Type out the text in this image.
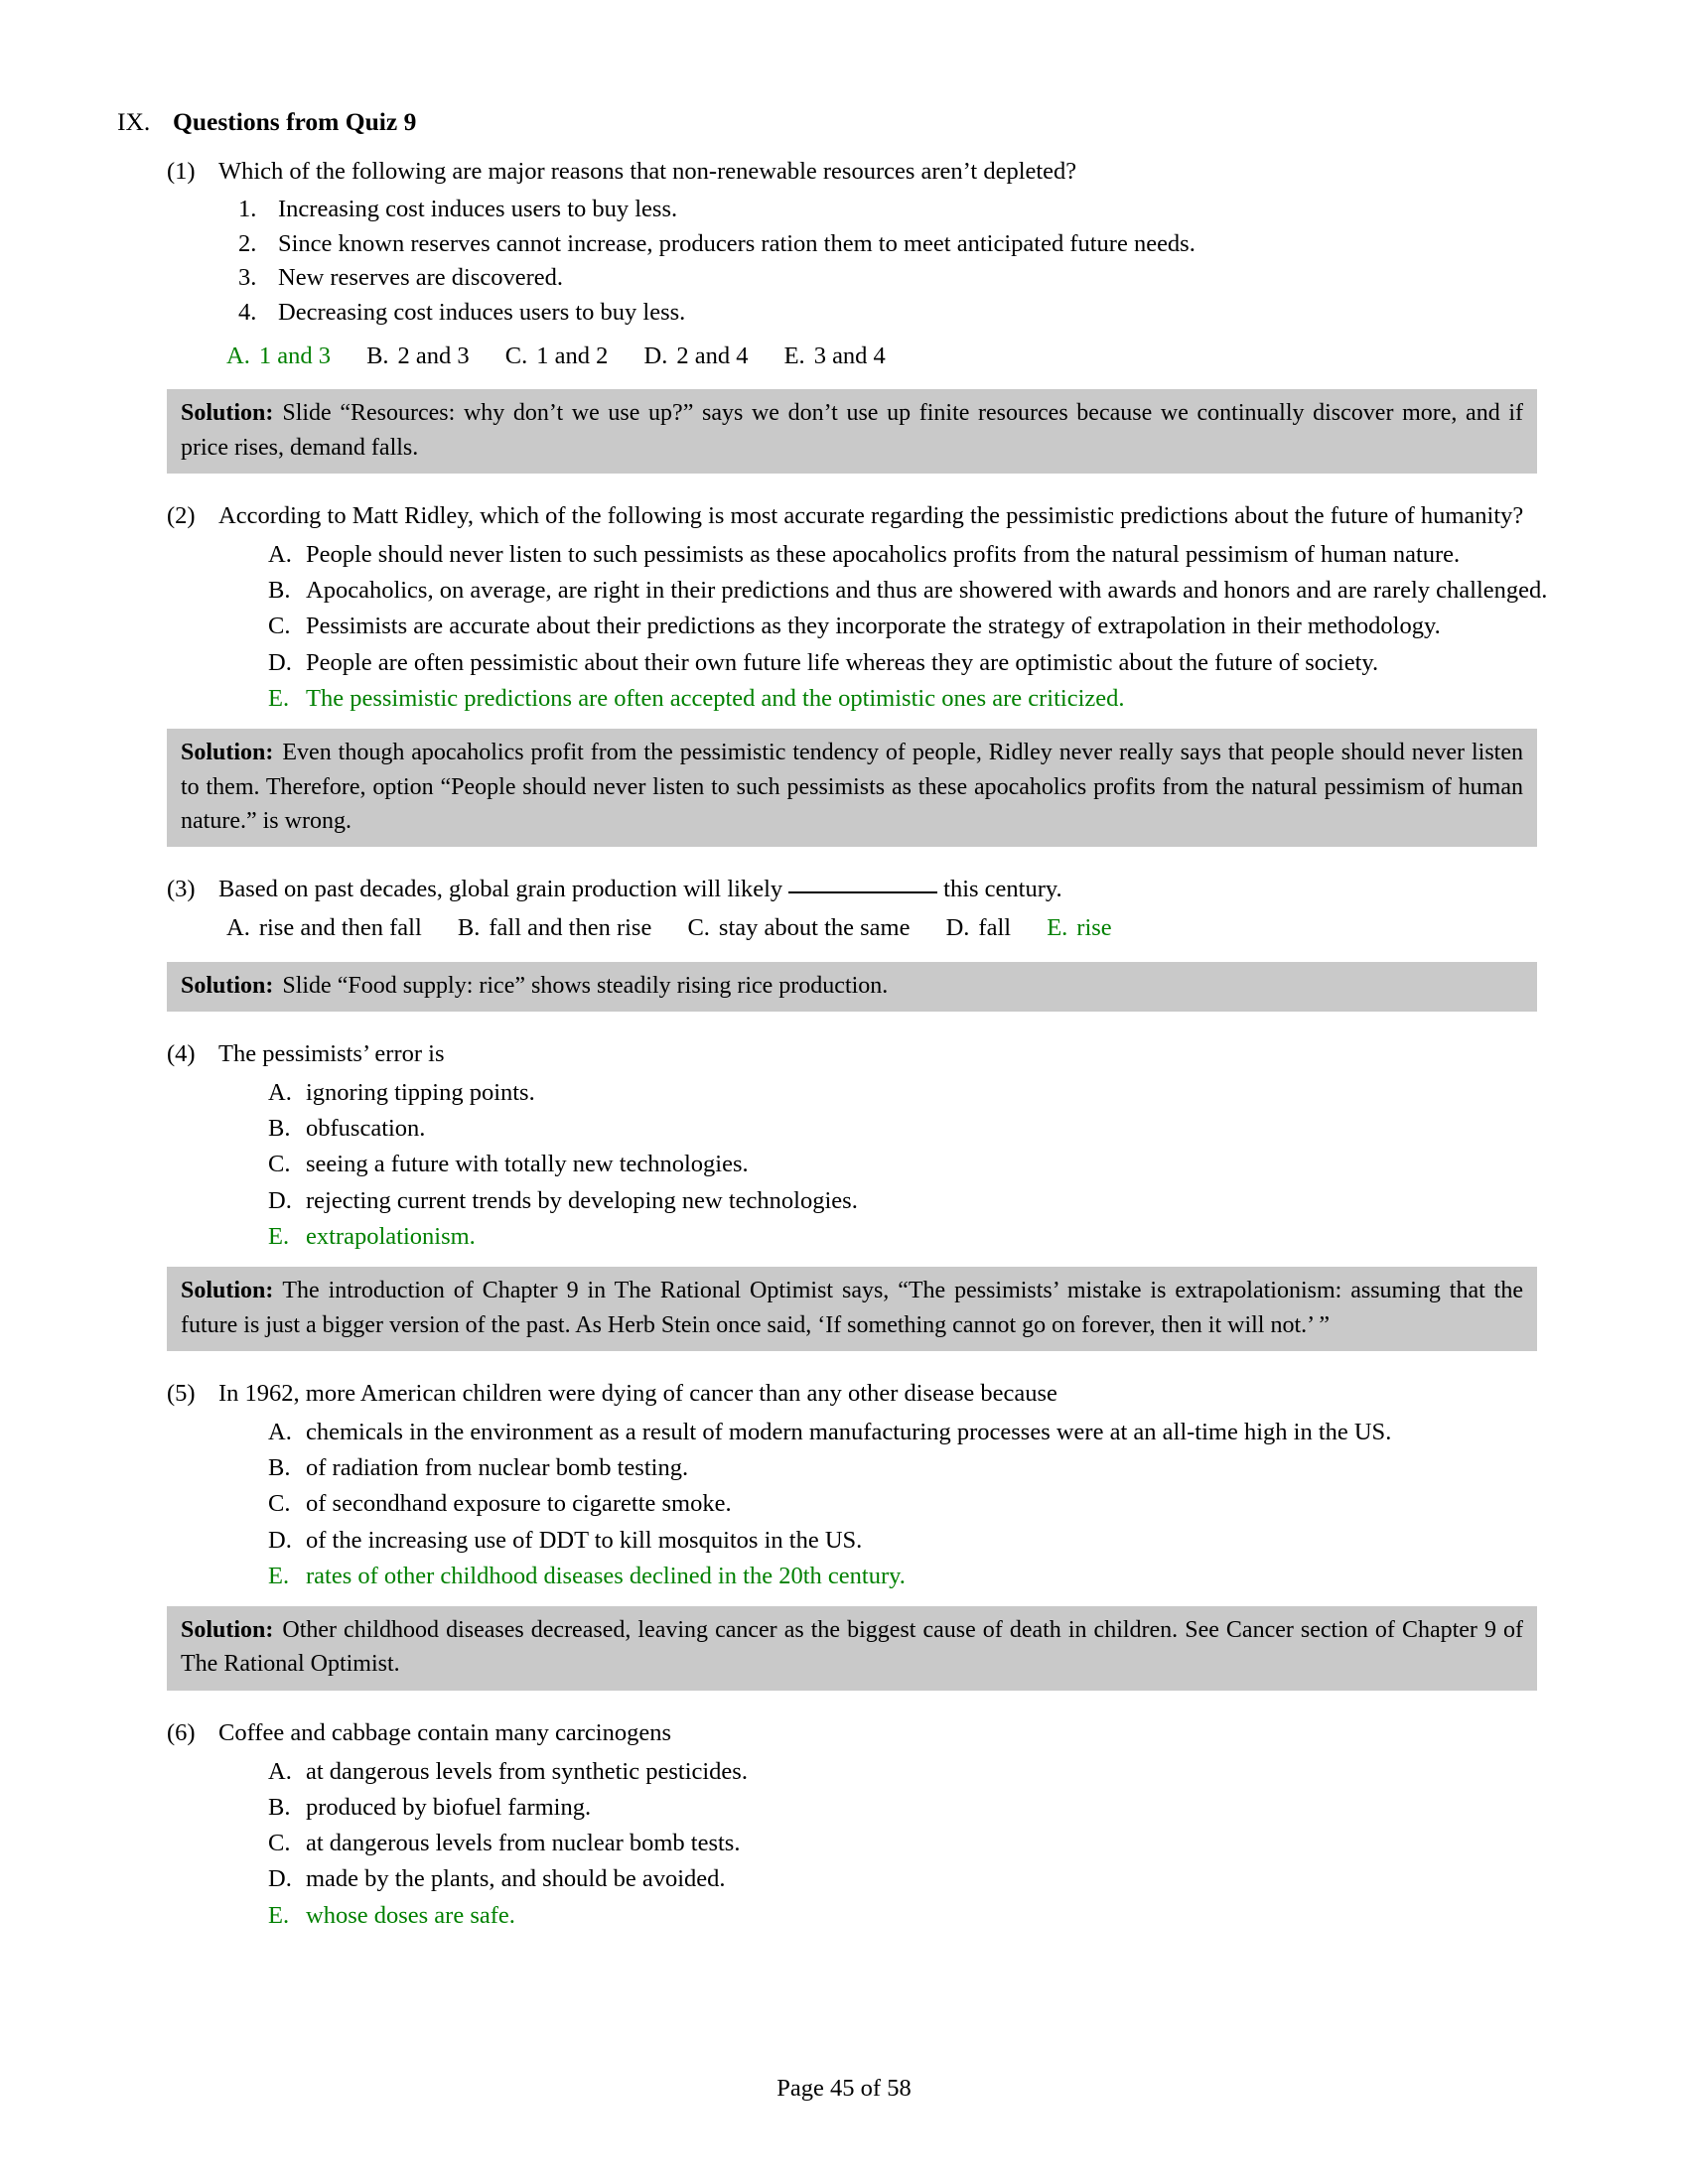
IX. Questions from Quiz 9
(1) Which of the following are major reasons that non-renewable resources aren’t depleted?
1. Increasing cost induces users to buy less.
2. Since known reserves cannot increase, producers ration them to meet anticipated future needs.
3. New reserves are discovered.
4. Decreasing cost induces users to buy less.
A. 1 and 3 B. 2 and 3 C. 1 and 2 D. 2 and 4 E. 3 and 4
Solution: Slide “Resources: why don’t we use up?” says we don’t use up finite resources because we continually discover more, and if price rises, demand falls.
(2) According to Matt Ridley, which of the following is most accurate regarding the pessimistic predictions about the future of humanity?
A. People should never listen to such pessimists as these apocaholics profits from the natural pessimism of human nature.
B. Apocaholics, on average, are right in their predictions and thus are showered with awards and honors and are rarely challenged.
C. Pessimists are accurate about their predictions as they incorporate the strategy of extrapolation in their methodology.
D. People are often pessimistic about their own future life whereas they are optimistic about the future of society.
E. The pessimistic predictions are often accepted and the optimistic ones are criticized.
Solution: Even though apocaholics profit from the pessimistic tendency of people, Ridley never really says that people should never listen to them. Therefore, option “People should never listen to such pessimists as these apocaholics profits from the natural pessimism of human nature.” is wrong.
(3) Based on past decades, global grain production will likely	this century.
A. rise and then fall B. fall and then rise C. stay about the same D. fall E. rise
Solution: Slide “Food supply: rice” shows steadily rising rice production.
(4) The pessimists’ error is
A. ignoring tipping points.
B. obfuscation.
C. seeing a future with totally new technologies.
D. rejecting current trends by developing new technologies.
E. extrapolationism.
Solution: The introduction of Chapter 9 in The Rational Optimist says, “The pessimists’ mistake is extrapolationism: assuming that the future is just a bigger version of the past. As Herb Stein once said, ‘If something cannot go on forever, then it will not.’ ”
(5) In 1962, more American children were dying of cancer than any other disease because
A. chemicals in the environment as a result of modern manufacturing processes were at an all-time high in the US.
B. of radiation from nuclear bomb testing.
C. of secondhand exposure to cigarette smoke.
D. of the increasing use of DDT to kill mosquitos in the US.
E. rates of other childhood diseases declined in the 20th century.
Solution: Other childhood diseases decreased, leaving cancer as the biggest cause of death in children. See Cancer section of Chapter 9 of The Rational Optimist.
(6) Coffee and cabbage contain many carcinogens
A. at dangerous levels from synthetic pesticides.
B. produced by biofuel farming.
C. at dangerous levels from nuclear bomb tests.
D. made by the plants, and should be avoided.
E. whose doses are safe.
Page 45 of 58
